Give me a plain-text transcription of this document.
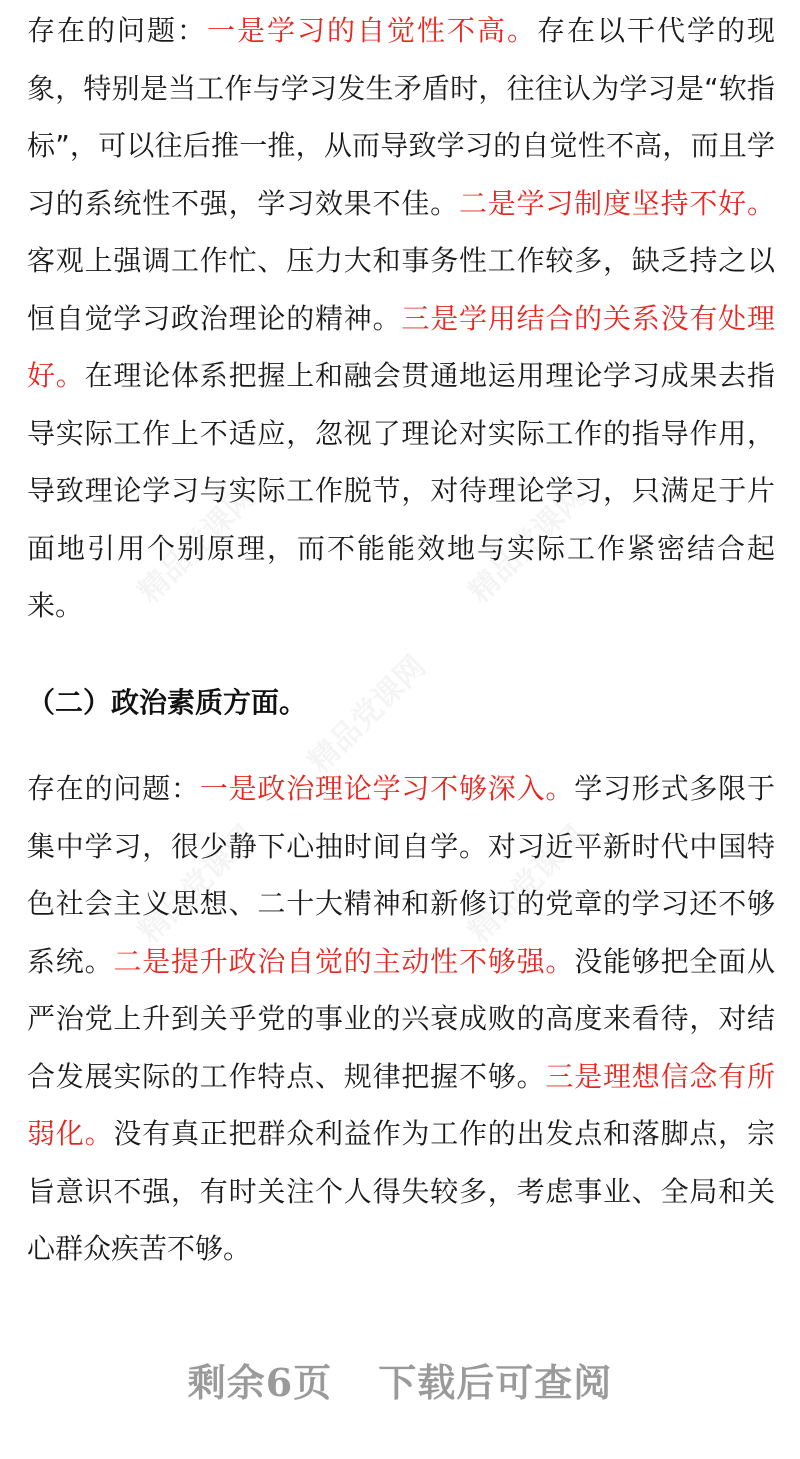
精品党课网	精品党课网
精品党课网
精品党课网	精品党课网

存在的问题：一是学习的自觉性不高。存在以干代学的现象，特别是当工作与学习发生矛盾时，往往认为学习是“软指标”，可以往后推一推，从而导致学习的自觉性不高，而且学习的系统性不强，学习效果不佳。二是学习制度坚持不好。客观上强调工作忙、压力大和事务性工作较多，缺乏持之以恒自觉学习政治理论的精神。三是学用结合的关系没有处理好。在理论体系把握上和融会贯通地运用理论学习成果去指导实际工作上不适应，忽视了理论对实际工作的指导作用，导致理论学习与实际工作脱节，对待理论学习，只满足于片面地引用个别原理，而不能能效地与实际工作紧密结合起来。

（二）政治素质方面。

存在的问题：一是政治理论学习不够深入。学习形式多限于集中学习，很少静下心抽时间自学。对习近平新时代中国特色社会主义思想、二十大精神和新修订的党章的学习还不够系统。二是提升政治自觉的主动性不够强。没能够把全面从严治党上升到关乎党的事业的兴衰成败的高度来看待，对结合发展实际的工作特点、规律把握不够。三是理想信念有所弱化。没有真正把群众利益作为工作的出发点和落脚点，宗旨意识不强，有时关注个人得失较多，考虑事业、全局和关心群众疾苦不够。

剩余6页 下载后可查阅
